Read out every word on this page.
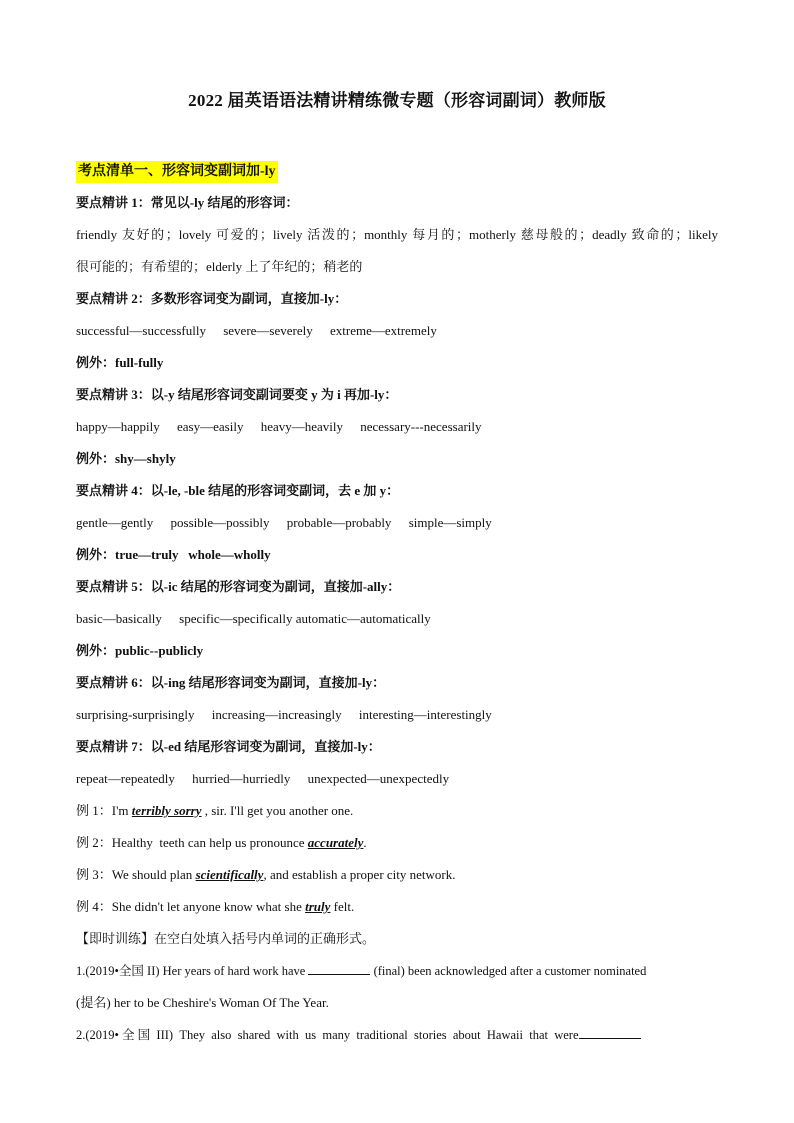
2022 届英语语法精讲精练微专题（形容词副词）教师版
考点清单一、形容词变副词加-ly
要点精讲 1：常见以-ly 结尾的形容词：
friendly 友好的；lovely 可爱的；lively 活泼的；monthly 每月的；motherly 慈母般的；deadly 致命的；likely
很可能的；有希望的；elderly 上了年纪的；稍老的
要点精讲 2：多数形容词变为副词，直接加-ly：
successful—successfully severe—severely extreme—extremely
例外：full-fully
要点精讲 3：以-y 结尾形容词变副词要变 y 为 i 再加-ly：
happy—happily easy—easily heavy—heavily necessary---necessarily
例外：shy—shyly
要点精讲 4：以-le, -ble 结尾的形容词变副词，去 e 加 y：
gentle—gently possible—possibly probable—probably simple—simply
例外：true—truly   whole—wholly
要点精讲 5：以-ic 结尾的形容词变为副词，直接加-ally：
basic—basically specific—specifically automatic—automatically
例外：public--publicly
要点精讲 6：以-ing 结尾形容词变为副词，直接加-ly：
surprising-surprisingly increasing—increasingly interesting—interestingly
要点精讲 7：以-ed 结尾形容词变为副词，直接加-ly：
repeat—repeatedly hurried—hurriedly unexpected—unexpectedly
例 1：I'm terribly sorry , sir. I'll get you another one.
例 2：Healthy  teeth can help us pronounce accurately.
例 3：We should plan scientifically, and establish a proper city network.
例 4：She didn't let anyone know what she truly felt.
【即时训练】在空白处填入括号内单词的正确形式。
1.(2019•全国 II) Her years of hard work have	(final) been acknowledged after a customer nominated
(提名) her to be Cheshire's Woman Of The Year.
2.(2019• 全 国  III)  They  also  shared  with  us  many  traditional  stories  about  Hawaii  that  were
